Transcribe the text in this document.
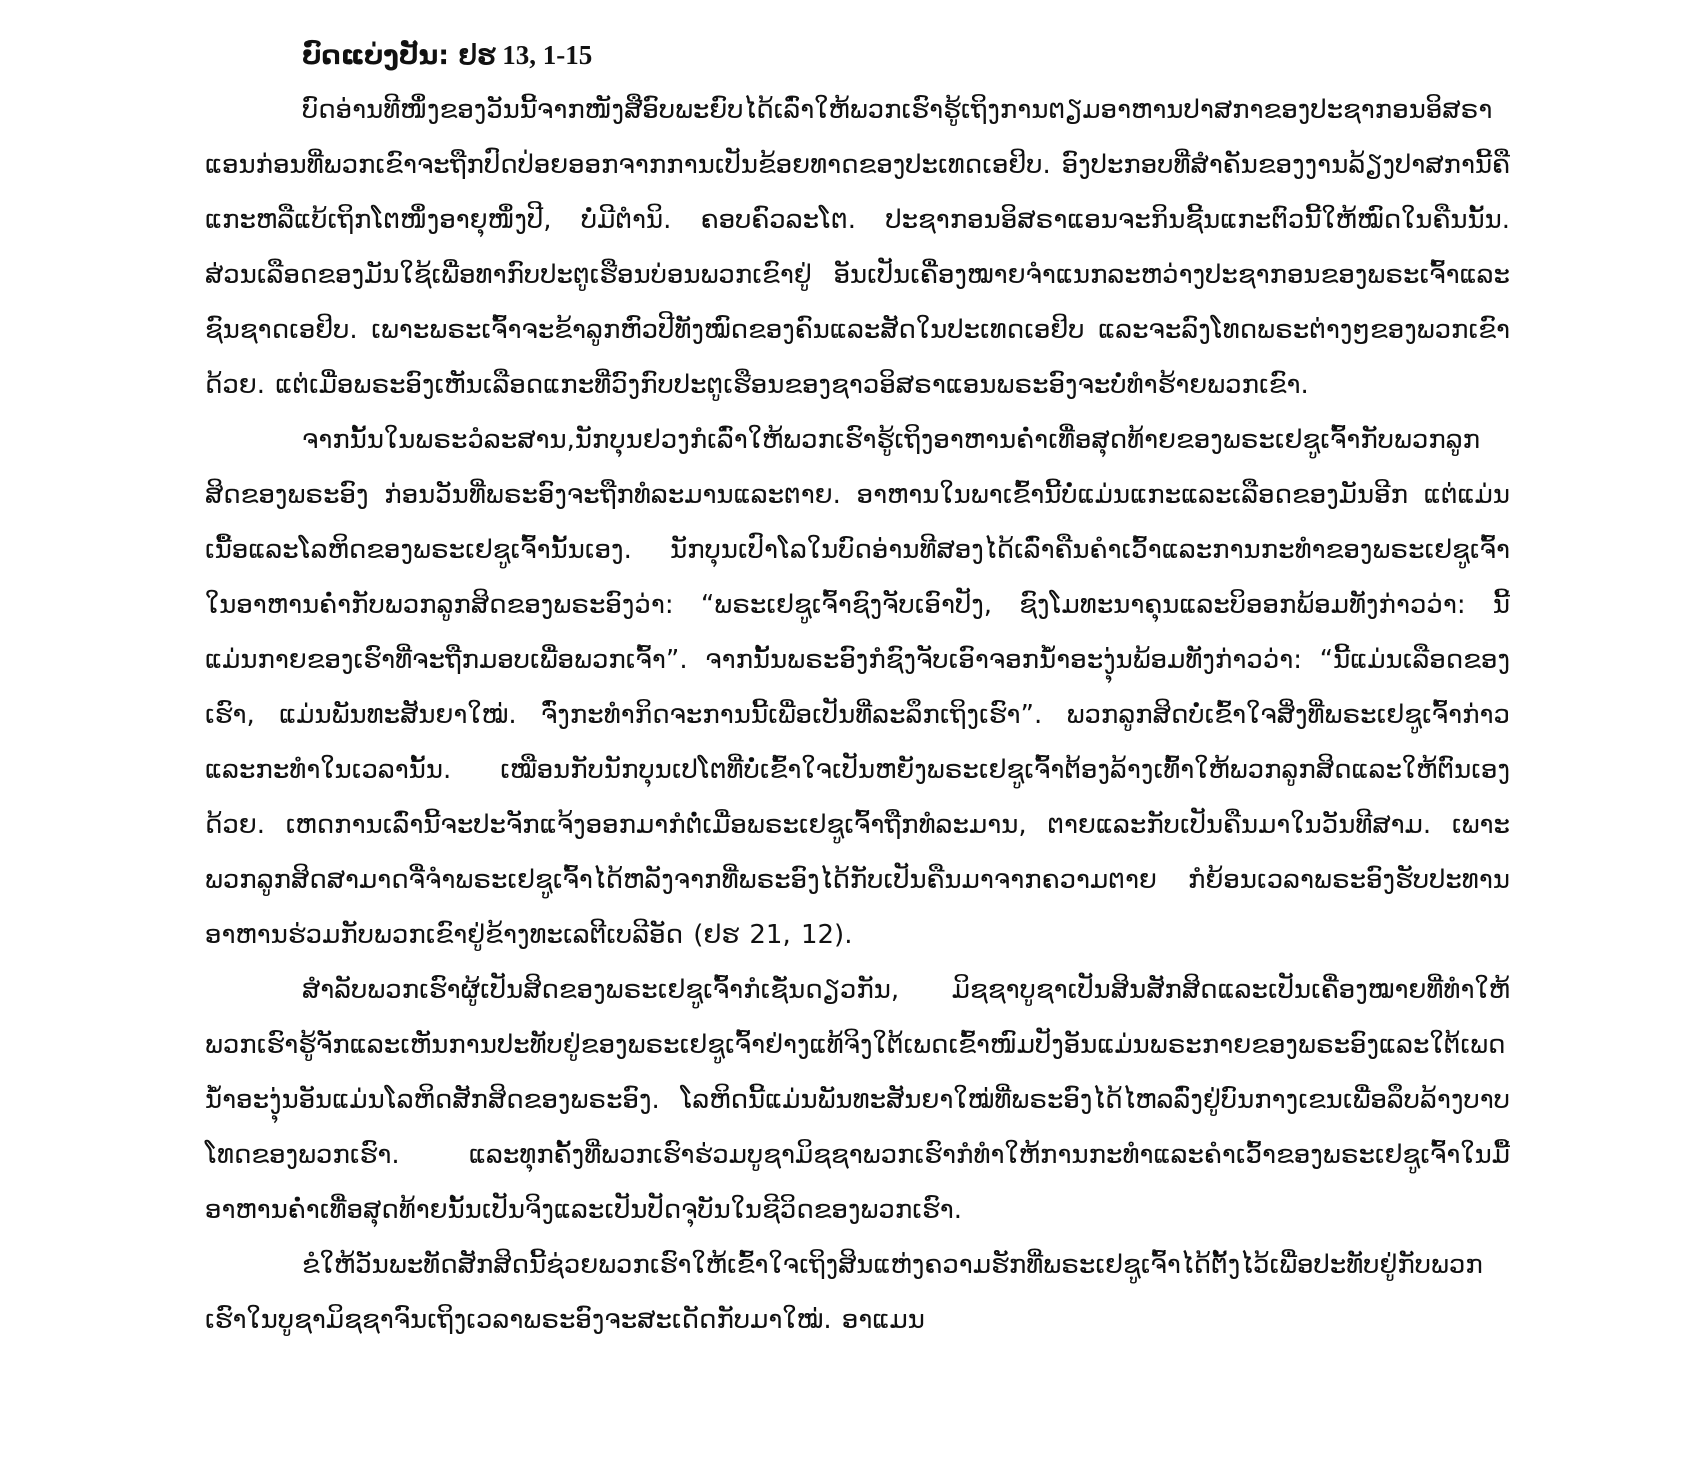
ບົດແບ່ງປັນ: ຢຮ 13, 1-15

ບົດອ່ານທີໜຶ່ງຂອງວັນນີ້ຈາກໜັງສືອົບພະຍົບໄດ້ເລົ່າໃຫ້ພວກເຮົາຮູ້ເຖິງການຕຽມອາຫານປາສກາຂອງປະຊາກອນອິສຣາແອນກ່ອນທີ່ພວກເຂົາຈະຖືກປົດປ່ອຍອອກຈາກການເປັນຂ້ອຍທາດຂອງປະເທດເອຢິບ. ອົງປະກອບທີ່ສຳຄັນຂອງງານລ້ຽງປາສການີ້ຄື ແກະຫລືແບ້ເຖິກໂຕໜຶ່ງອາຍຸໜຶ່ງປີ, ບໍ່ມີຕຳນິ. ຄອບຄົວລະໂຕ. ປະຊາກອນອິສຣາແອນຈະກິນຊີ້ນແກະຕົວນີ້ໃຫ້ໝົດໃນຄືນນັ້ນ. ສ່ວນເລືອດຂອງມັນໃຊ້ເພື່ອທາກົບປະຕູເຮືອນບ່ອນພວກເຂົາຢູ່ ອັນເປັນເຄື່ອງໝາຍຈຳແນກລະຫວ່າງປະຊາກອນຂອງພຣະເຈົ້າແລະຊົນຊາດເອຢິບ. ເພາະພຣະເຈົ້າຈະຂ້າລູກຫົວປີທັງໝົດຂອງຄົນແລະສັດໃນປະເທດເອຢິບ ແລະຈະລົງໂທດພຣະຕ່າງໆຂອງພວກເຂົາດ້ວຍ. ແຕ່ເມື່ອພຣະອົງເຫັນເລືອດແກະທີ່ວົງກົບປະຕູເຮືອນຂອງຊາວອິສຣາແອນພຣະອົງຈະບໍ່ທຳຮ້າຍພວກເຂົາ.

ຈາກນັ້ນໃນພຣະວໍລະສານ,ນັກບຸນຢວງກໍເລົ່າໃຫ້ພວກເຮົາຮູ້ເຖິງອາຫານຄ່ຳເທື່ອສຸດທ້າຍຂອງພຣະເຢຊູເຈົ້າກັບພວກລູກສິດຂອງພຣະອົງ ກ່ອນວັນທີ່ພຣະອົງຈະຖືກທໍລະມານແລະຕາຍ. ອາຫານໃນພາເຂົ້ານີ້ບໍ່ແມ່ນແກະແລະເລືອດຂອງມັນອີກ ແຕ່ແມ່ນເນື້ອແລະໂລຫິດຂອງພຣະເຢຊູເຈົ້ານັ້ນເອງ. ນັກບຸນເປົາໂລໃນບົດອ່ານທີສອງໄດ້ເລົ່າຄືນຄຳເວົ້າແລະການກະທຳຂອງພຣະເຢຊູເຈົ້າໃນອາຫານຄ່ຳກັບພວກລູກສິດຂອງພຣະອົງວ່າ: “ພຣະເຢຊູເຈົ້າຊົງຈັບເອົາປັງ, ຊົງໂມທະນາຄຸນແລະບິອອກພ້ອມທັງກ່າວວ່າ: ນີ້ແມ່ນກາຍຂອງເຮົາທີ່ຈະຖືກມອບເພື່ອພວກເຈົ້າ”. ຈາກນັ້ນພຣະອົງກໍຊົງຈັບເອົາຈອກນ້ຳອະງຸ່ນພ້ອມທັງກ່າວວ່າ: “ນີ້ແມ່ນເລືອດຂອງເຮົາ, ແມ່ນພັນທະສັນຍາໃໝ່. ຈົ່ງກະທຳກິດຈະການນີ້ເພື່ອເປັນທີ່ລະລຶກເຖິງເຮົາ”. ພວກລູກສິດບໍ່ເຂົ້າໃຈສິ່ງທີ່ພຣະເຢຊູເຈົ້າກ່າວແລະກະທຳໃນເວລານັ້ນ. ເໝືອນກັບນັກບຸນເປໂຕທີ່ບໍ່ເຂົ້າໃຈເປັນຫຍັງພຣະເຢຊູເຈົ້າຕ້ອງລ້າງເທົ້າໃຫ້ພວກລູກສິດແລະໃຫ້ຕົນເອງດ້ວຍ. ເຫດການເລົ່ານີ້ຈະປະຈັກແຈ້ງອອກມາກໍຕໍ່ເມື່ອພຣະເຢຊູເຈົ້າຖືກທໍລະມານ, ຕາຍແລະກັບເປັນຄືນມາໃນວັນທີສາມ. ເພາະພວກລູກສິດສາມາດຈື່ຈຳພຣະເຢຊູເຈົ້າໄດ້ຫລັງຈາກທີ່ພຣະອົງໄດ້ກັບເປັນຄືນມາຈາກຄວາມຕາຍ ກໍຍ້ອນເວລາພຣະອົງຮັບປະທານອາຫານຮ່ວມກັບພວກເຂົາຢູ່ຂ້າງທະເລຕີເບລີອັດ (ຢຮ 21, 12).

ສຳລັບພວກເຮົາຜູ້ເປັນສິດຂອງພຣະເຢຊູເຈົ້າກໍເຊັ່ນດຽວກັນ, ມິຊຊາບູຊາເປັນສິນສັກສິດແລະເປັນເຄື່ອງໝາຍທີ່ທຳໃຫ້ພວກເຮົາຮູ້ຈັກແລະເຫັນການປະທັບຢູ່ຂອງພຣະເຢຊູເຈົ້າຢ່າງແທ້ຈິງໃຕ້ເພດເຂົ້າໜົມປັງອັນແມ່ນພຣະກາຍຂອງພຣະອົງແລະໃຕ້ເພດນ້ຳອະງຸ່ນອັນແມ່ນໂລຫິດສັກສິດຂອງພຣະອົງ. ໂລຫິດນີ້ແມ່ນພັນທະສັນຍາໃໝ່ທີ່ພຣະອົງໄດ້ໄຫລລົ່ງຢູ່ບົນກາງເຂນເພື່ອລຶບລ້າງບາບໂທດຂອງພວກເຮົາ. ແລະທຸກຄັ້ງທີ່ພວກເຮົາຮ່ວມບູຊາມິຊຊາພວກເຮົາກໍທຳໃຫ້ການກະທຳແລະຄຳເວົ້າຂອງພຣະເຢຊູເຈົ້າໃນມື້ອາຫານຄ່ຳເທື່ອສຸດທ້າຍນັ້ນເປັນຈິງແລະເປັນປັດຈຸບັນໃນຊີວິດຂອງພວກເຮົາ.

ຂໍໃຫ້ວັນພະທັດສັກສິດນີ້ຊ່ວຍພວກເຮົາໃຫ້ເຂົ້າໃຈເຖິງສິນແຫ່ງຄວາມຮັກທີ່ພຣະເຢຊູເຈົ້າໄດ້ຕັ້ງໄວ້ເພື່ອປະທັບຢູ່ກັບພວກເຮົາໃນບູຊາມິຊຊາຈົນເຖິງເວລາພຣະອົງຈະສະເດັດກັບມາໃໝ່. ອາແມນ
